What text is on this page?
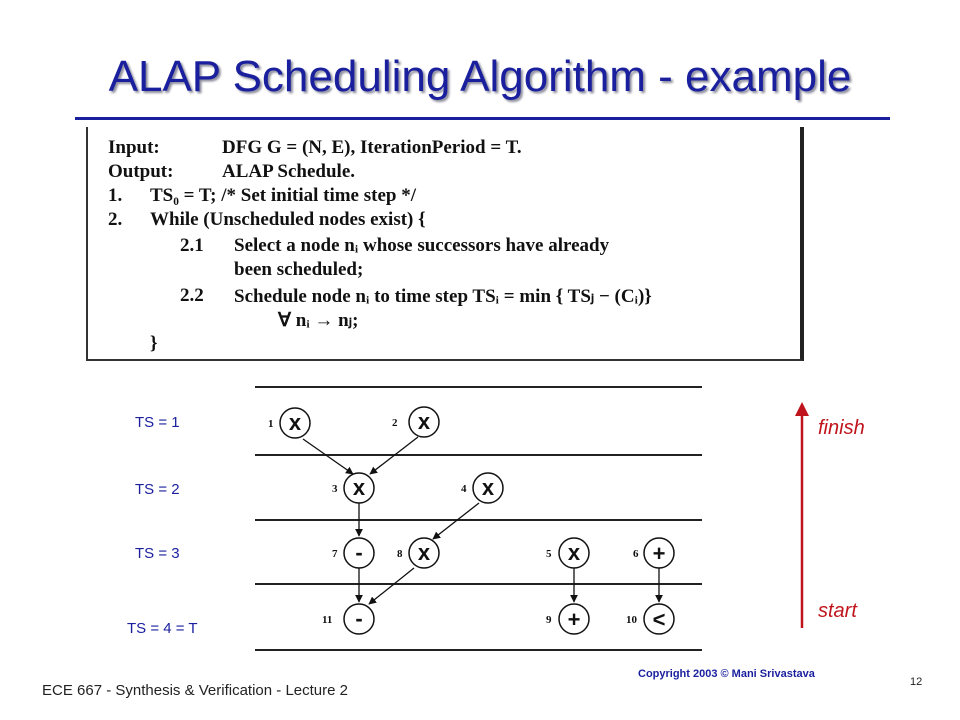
ALAP Scheduling Algorithm - example
Input:	DFG G = (N, E), IterationPeriod = T.
Output:	ALAP Schedule.
1. TS₀ = T; /* Set initial time step */
2. While (Unscheduled nodes exist) {
2.1 Select a node nᵢ whose successors have already
been scheduled;
2.2 Schedule node nᵢ to time step TSᵢ = min { TSⱼ − (Cᵢ)}
∀ nᵢ → nⱼ;
}
TS = 1
TS = 2
TS = 3
TS = 4 = T
1 x	2 x
3 x	4 x
7 -	8 x	5 x	6 +
11 -	9 +	10 <
finish
start
ECE 667 - Synthesis & Verification - Lecture 2
Copyright 2003 © Mani Srivastava
12
